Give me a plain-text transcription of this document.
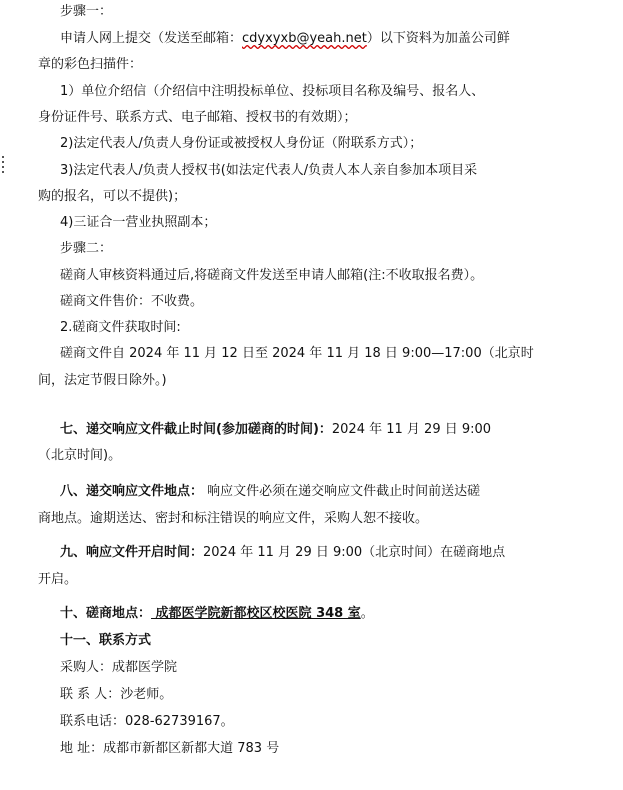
步骤一：
申请人网上提交（发送至邮箱：cdyxyxb@yeah.net）以下资料为加盖公司鲜
章的彩色扫描件：
1）单位介绍信（介绍信中注明投标单位、投标项目名称及编号、报名人、
身份证件号、联系方式、电子邮箱、授权书的有效期）；
2)法定代表人/负责人身份证或被授权人身份证（附联系方式）；
3)法定代表人/负责人授权书(如法定代表人/负责人本人亲自参加本项目采
购的报名，可以不提供)；
4)三证合一营业执照副本；
步骤二：
磋商人审核资料通过后,将磋商文件发送至申请人邮箱(注:不收取报名费）。
磋商文件售价：不收费。
2.磋商文件获取时间:
磋商文件自 2024 年 11 月 12 日至 2024 年 11 月 18 日 9:00—17:00（北京时
间，法定节假日除外。)
七、递交响应文件截止时间(参加磋商的时间)：2024 年 11 月 29 日 9:00
（北京时间)。
八、递交响应文件地点： 响应文件必须在递交响应文件截止时间前送达磋
商地点。逾期送达、密封和标注错误的响应文件，采购人恕不接收。
九、响应文件开启时间：2024 年 11 月 29 日 9:00（北京时间）在磋商地点
开启。
十、磋商地点： 成都医学院新都校区校医院 348 室。
十一、联系方式
采购人：成都医学院
联 系 人：沙老师。
联系电话：028-62739167。
地 址：成都市新都区新都大道 783 号
